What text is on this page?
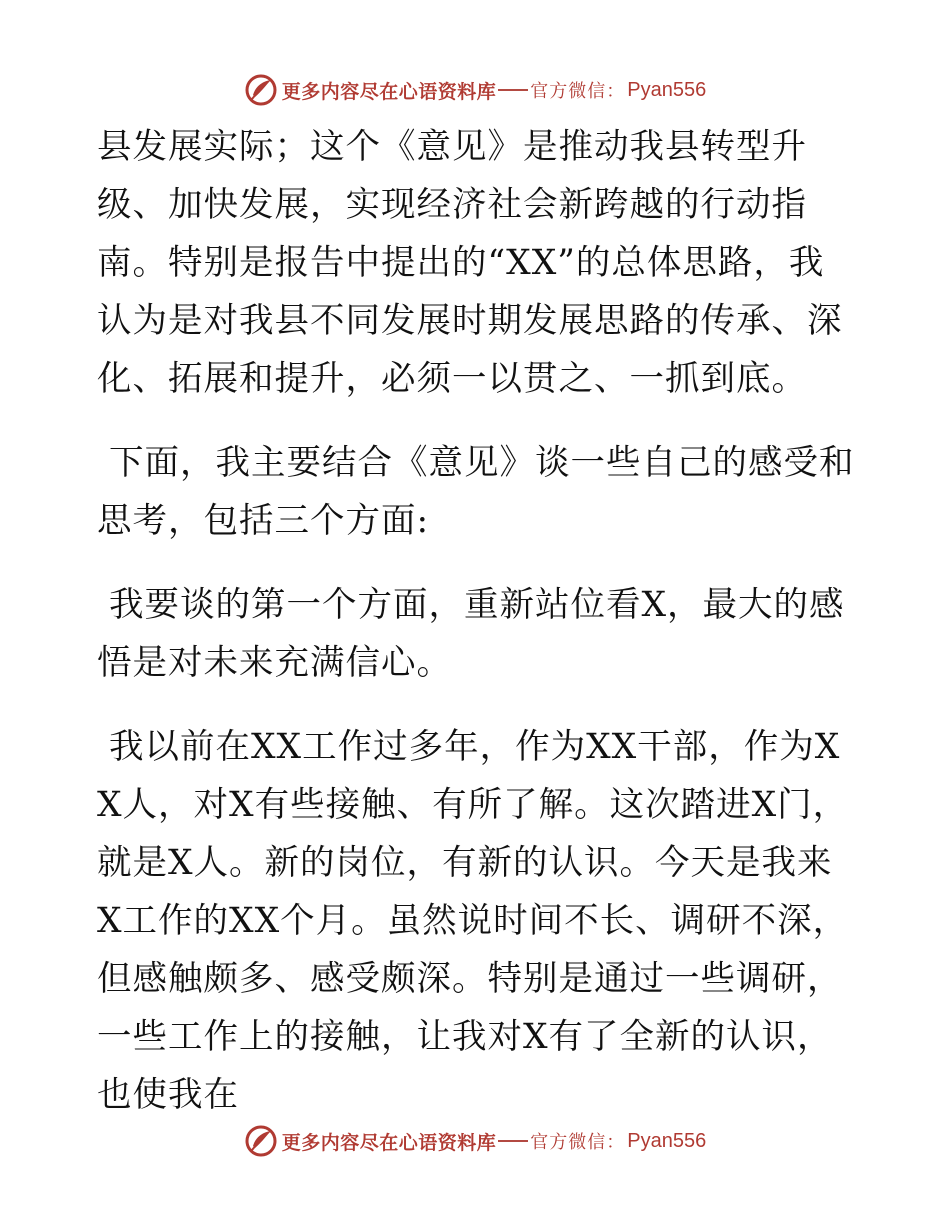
更多内容尽在心语资料库 官方微信： Pyan556

县发展实际；这个《意见》是推动我县转型升级、加快发展，实现经济社会新跨越的行动指南。特别是报告中提出的“XX”的总体思路，我认为是对我县不同发展时期发展思路的传承、深化、拓展和提升，必须一以贯之、一抓到底。

下面，我主要结合《意见》谈一些自己的感受和思考，包括三个方面:

我要谈的第一个方面，重新站位看X，最大的感悟是对未来充满信心。

我以前在XX工作过多年，作为XX干部，作为XX人，对X有些接触、有所了解。这次踏进X门，就是X人。新的岗位，有新的认识。今天是我来X工作的XX个月。虽然说时间不长、调研不深，但感触颇多、感受颇深。特别是通过一些调研，一些工作上的接触，让我对X有了全新的认识，也使我在

更多内容尽在心语资料库 官方微信： Pyan556
